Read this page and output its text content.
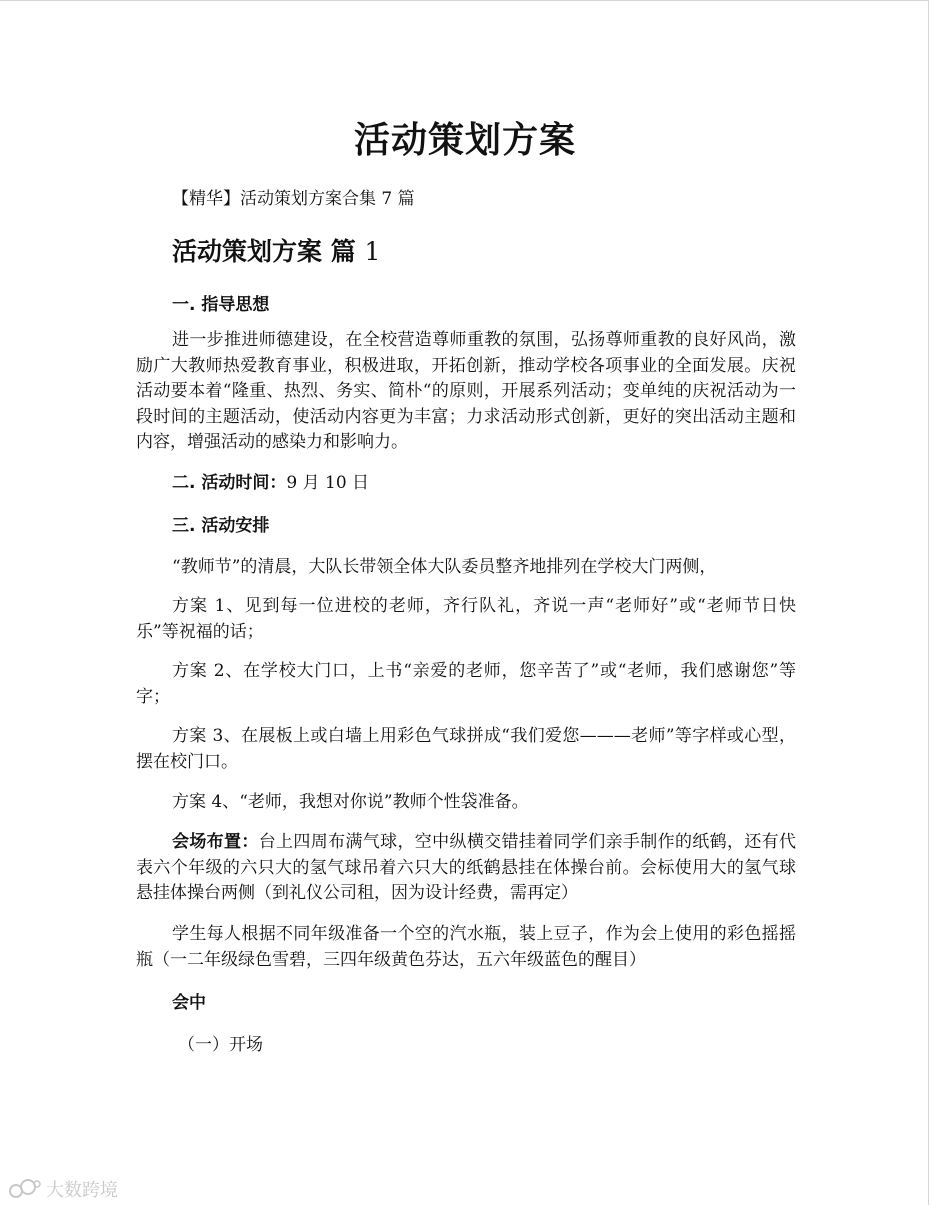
活动策划方案
【精华】活动策划方案合集 7 篇
活动策划方案 篇 1
一. 指导思想
进一步推进师德建设，在全校营造尊师重教的氛围，弘扬尊师重教的良好风尚，激励广大教师热爱教育事业，积极进取，开拓创新，推动学校各项事业的全面发展。庆祝活动要本着“隆重、热烈、务实、简朴“的原则，开展系列活动；变单纯的庆祝活动为一段时间的主题活动，使活动内容更为丰富；力求活动形式创新，更好的突出活动主题和内容，增强活动的感染力和影响力。
二. 活动时间：9 月 10 日
三. 活动安排
“教师节”的清晨，大队长带领全体大队委员整齐地排列在学校大门两侧，
方案 1、见到每一位进校的老师，齐行队礼，齐说一声“老师好”或“老师节日快乐”等祝福的话；
方案 2、在学校大门口，上书“亲爱的老师，您辛苦了”或“老师，我们感谢您”等字；
方案 3、在展板上或白墙上用彩色气球拼成“我们爱您———老师”等字样或心型，摆在校门口。
方案 4、“老师，我想对你说”教师个性袋准备。
会场布置：台上四周布满气球，空中纵横交错挂着同学们亲手制作的纸鹤，还有代表六个年级的六只大的氢气球吊着六只大的纸鹤悬挂在体操台前。会标使用大的氢气球悬挂体操台两侧（到礼仪公司租，因为设计经费，需再定）
学生每人根据不同年级准备一个空的汽水瓶，装上豆子，作为会上使用的彩色摇摇瓶（一二年级绿色雪碧，三四年级黄色芬达，五六年级蓝色的醒目）
会中
（一）开场
大数跨境
